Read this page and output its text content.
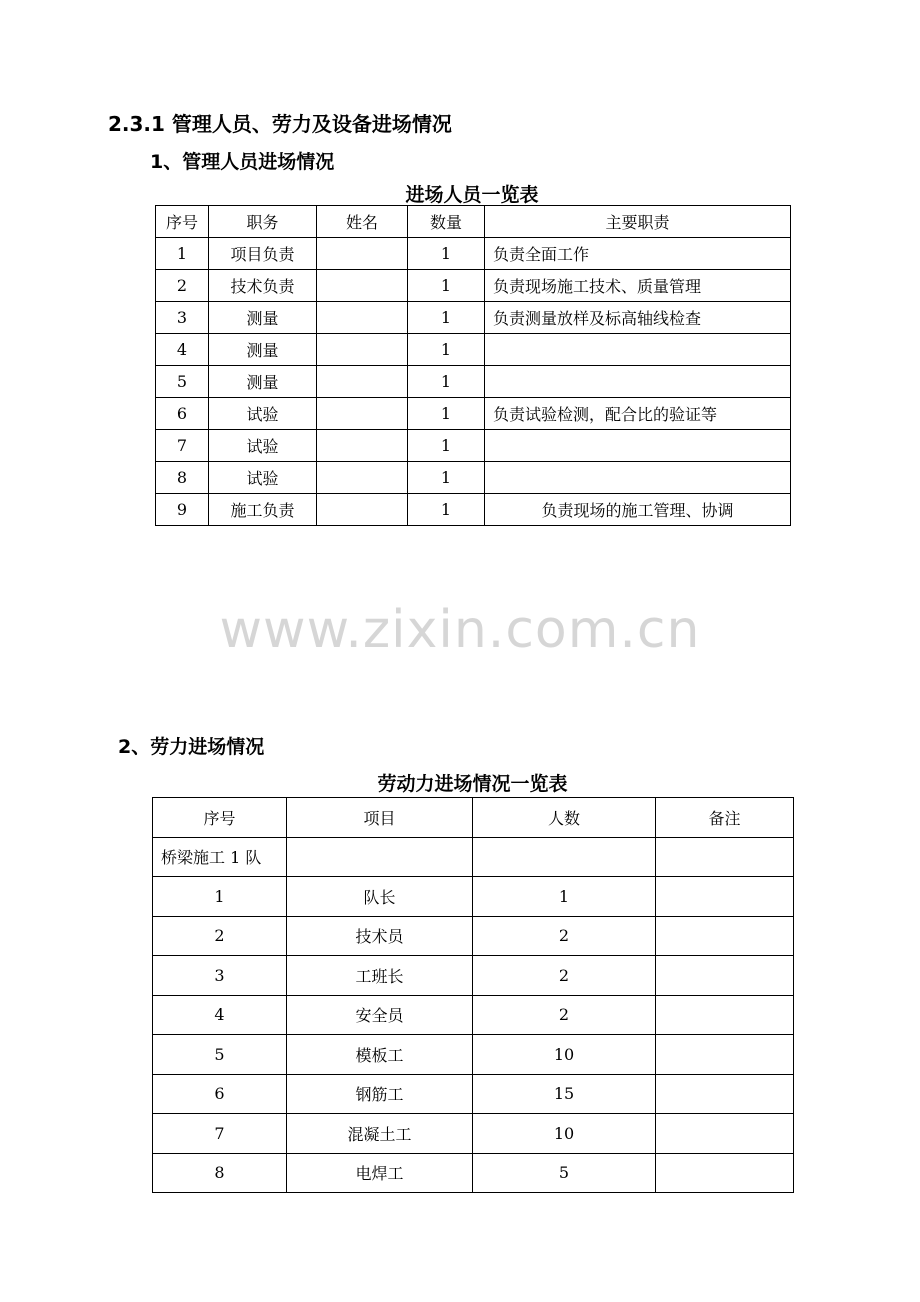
2.3.1 管理人员、劳力及设备进场情况
1、管理人员进场情况
进场人员一览表
序号	职务	姓名	数量	主要职责
1	项目负责		1	负责全面工作
2	技术负责		1	负责现场施工技术、质量管理
3	测量		1	负责测量放样及标高轴线检查
4	测量		1	
5	测量		1	
6	试验		1	负责试验检测，配合比的验证等
7	试验		1	
8	试验		1	
9	施工负责		1	负责现场的施工管理、协调
www.zixin.com.cn
2、劳力进场情况
劳动力进场情况一览表
序号	项目	人数	备注
桥梁施工 1 队			
1	队长	1	
2	技术员	2	
3	工班长	2	
4	安全员	2	
5	模板工	10	
6	钢筋工	15	
7	混凝土工	10	
8	电焊工	5	
